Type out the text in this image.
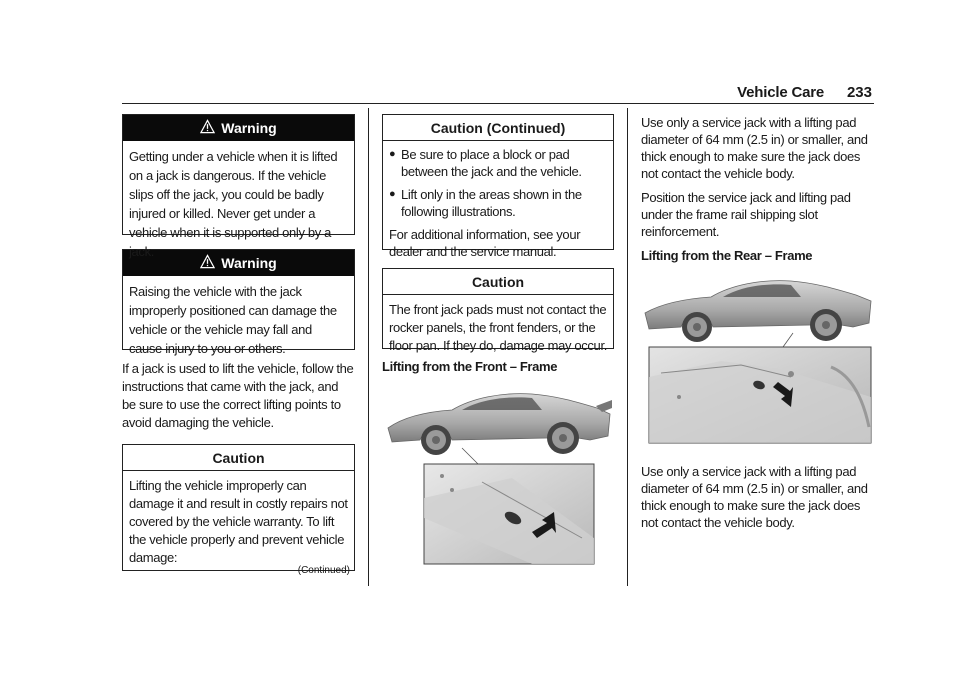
Vehicle Care 233
Warning
Getting under a vehicle when it is lifted on a jack is dangerous. If the vehicle slips off the jack, you could be badly injured or killed. Never get under a vehicle when it is supported only by a jack.
Warning
Raising the vehicle with the jack improperly positioned can damage the vehicle or the vehicle may fall and cause injury to you or others.

If a jack is used to lift the vehicle, follow the instructions that came with the jack, and be sure to use the correct lifting points to avoid damaging the vehicle.

Caution
Lifting the vehicle improperly can damage it and result in costly repairs not covered by the vehicle warranty. To lift the vehicle properly and prevent vehicle damage:
(Continued)
Caution (Continued)
● Be sure to place a block or pad between the jack and the vehicle.
● Lift only in the areas shown in the following illustrations.

For additional information, see your dealer and the service manual.

Caution
The front jack pads must not contact the rocker panels, the front fenders, or the floor pan. If they do, damage may occur.

Lifting from the Front – Frame

Use only a service jack with a lifting pad diameter of 64 mm (2.5 in) or smaller, and thick enough to make sure the jack does not contact the vehicle body.

Position the service jack and lifting pad under the frame rail shipping slot reinforcement.

Lifting from the Rear – Frame

Use only a service jack with a lifting pad diameter of 64 mm (2.5 in) or smaller, and thick enough to make sure the jack does not contact the vehicle body.
